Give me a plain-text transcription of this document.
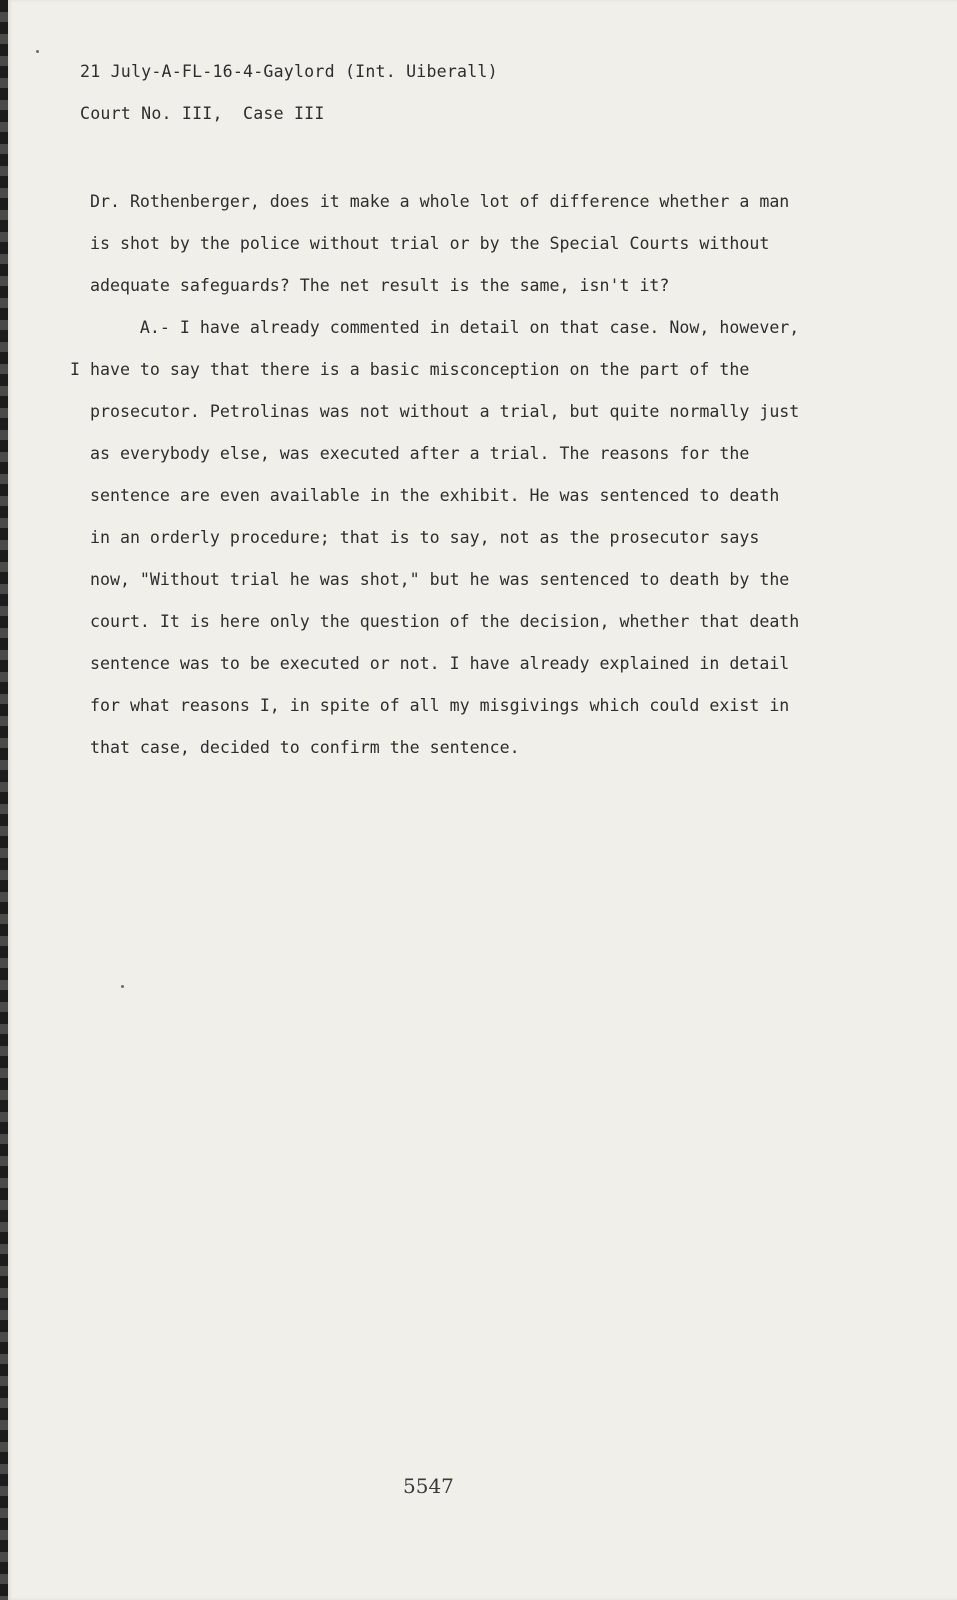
21 July-A-FL-16-4-Gaylord (Int. Uiberall)

Court No. III,  Case III

Dr. Rothenberger, does it make a whole lot of difference whether a man
is shot by the police without trial or by the Special Courts without
adequate safeguards? The net result is the same, isn't it?
A.- I have already commented in detail on that case. Now, however,
I have to say that there is a basic misconception on the part of the
prosecutor. Petrolinas was not without a trial, but quite normally just
as everybody else, was executed after a trial. The reasons for the
sentence are even available in the exhibit. He was sentenced to death
in an orderly procedure; that is to say, not as the prosecutor says
now, "Without trial he was shot," but he was sentenced to death by the
court. It is here only the question of the decision, whether that death
sentence was to be executed or not. I have already explained in detail
for what reasons I, in spite of all my misgivings which could exist in
that case, decided to confirm the sentence.
5547
